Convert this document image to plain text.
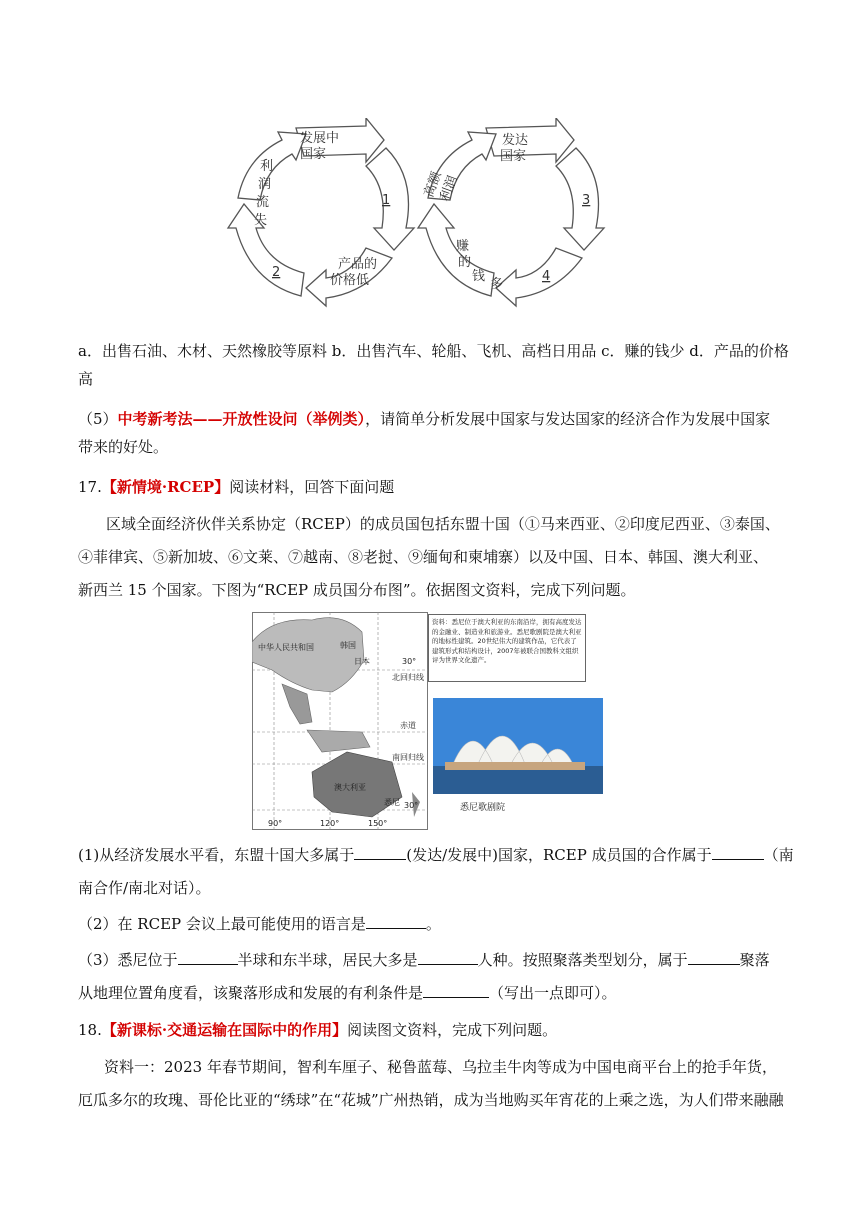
发展中
国家
利
润
流
失
1
2
产品的
价格低
发达
国家
高额
利润	3
赚
的
钱
多
4
a．出售石油、木材、天然橡胶等原料 b．出售汽车、轮船、飞机、高档日用品 c．赚的钱少 d．产品的价格
高
（5）中考新考法——开放性设问（举例类），请简单分析发展中国家与发达国家的经济合作为发展中国家
带来的好处。
17.【新情境·RCEP】阅读材料，回答下面问题
区域全面经济伙伴关系协定（RCEP）的成员国包括东盟十国（①马来西亚、②印度尼西亚、③泰国、
④菲律宾、⑤新加坡、⑥文莱、⑦越南、⑧老挝、⑨缅甸和柬埔寨）以及中国、日本、韩国、澳大利亚、
新西兰 15 个国家。下图为“RCEP 成员国分布图”。依据图文资料，完成下列问题。
中华人民共和国	韩国
日本	30°
北回归线
赤道
南回归线
澳大利亚
悉尼 30°
90°	120°	150°
资料：悉尼位于澳大利亚的东南沿岸，拥有高度发达的金融业、制造业和旅游业。悉尼歌剧院是澳大利亚的地标性建筑。20世纪伟大的建筑作品，它代表了建筑形式和结构设计，2007年被联合国教科文组织评为世界文化遗产。
悉尼歌剧院
(1)从经济发展水平看，东盟十国大多属于	(发达/发展中)国家，RCEP 成员国的合作属于	（南
南合作/南北对话）。
（2）在 RCEP 会议上最可能使用的语言是	。
（3）悉尼位于	半球和东半球，居民大多是	人种。按照聚落类型划分，属于	聚落
从地理位置角度看，该聚落形成和发展的有利条件是	（写出一点即可）。
18.【新课标·交通运输在国际中的作用】阅读图文资料，完成下列问题。
资料一：2023 年春节期间，智利车厘子、秘鲁蓝莓、乌拉圭牛肉等成为中国电商平台上的抢手年货，
厄瓜多尔的玫瑰、哥伦比亚的“绣球”在“花城”广州热销，成为当地购买年宵花的上乘之选，为人们带来融融
